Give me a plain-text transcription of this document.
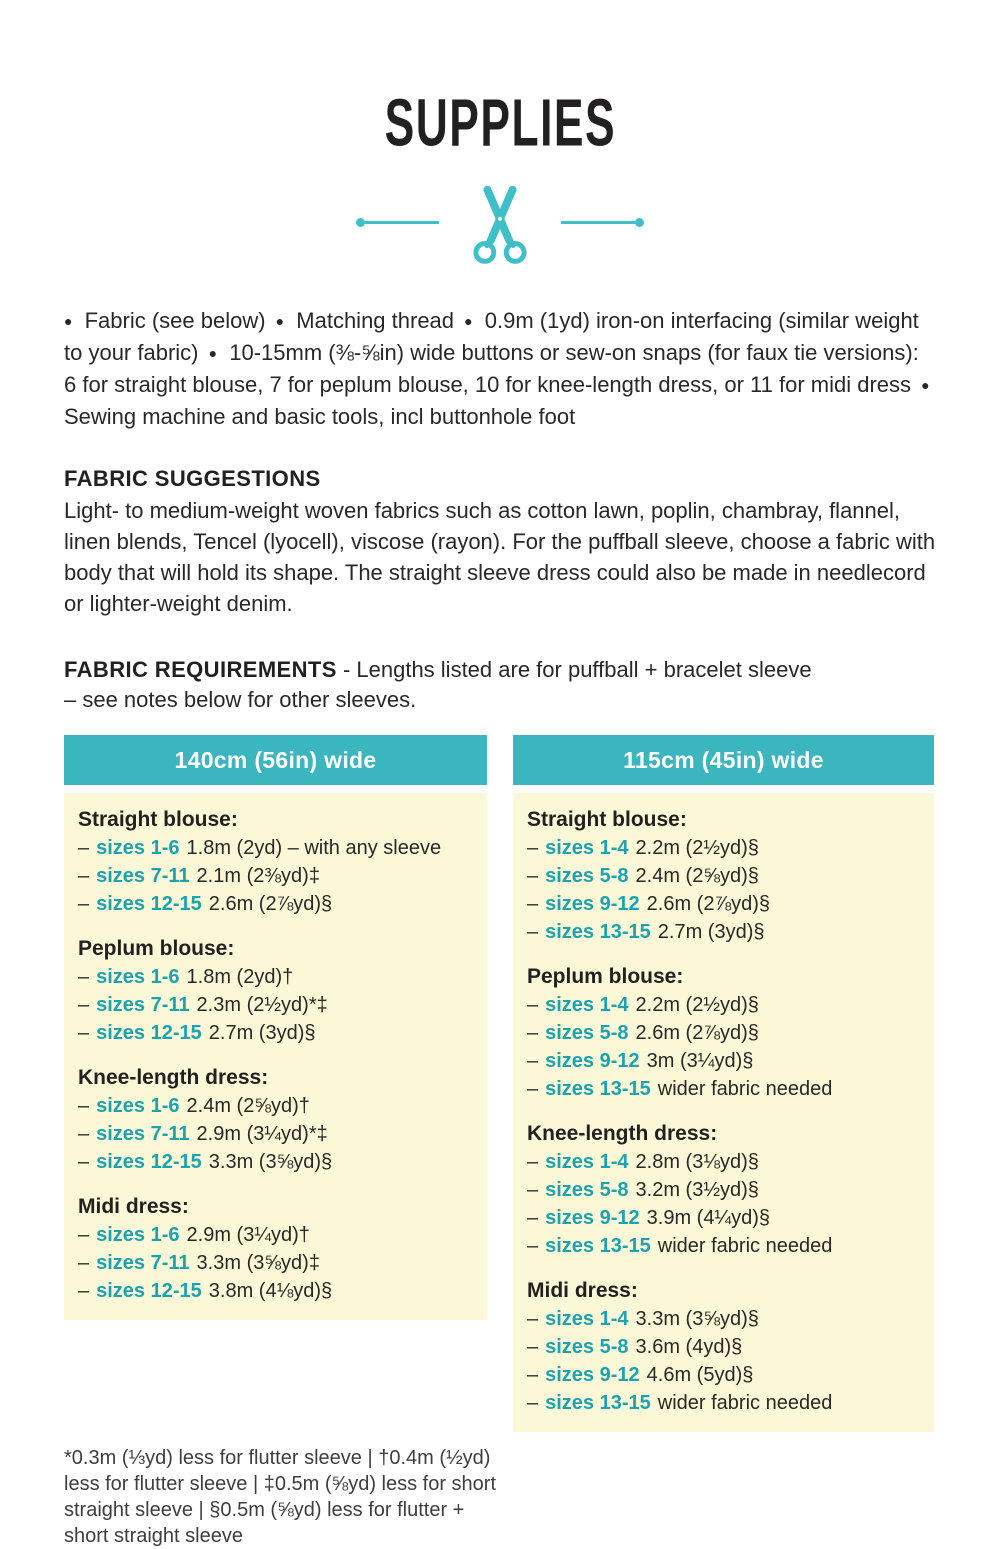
SUPPLIES

● Fabric (see below) ● Matching thread ● 0.9m (1yd) iron-on interfacing (similar weight to your fabric) ● 10-15mm (⅜-⅝in) wide buttons or sew-on snaps (for faux tie versions): 6 for straight blouse, 7 for peplum blouse, 10 for knee-length dress, or 11 for midi dress ● Sewing machine and basic tools, incl buttonhole foot

FABRIC SUGGESTIONS

Light- to medium-weight woven fabrics such as cotton lawn, poplin, chambray, flannel, linen blends, Tencel (lyocell), viscose (rayon). For the puffball sleeve, choose a fabric with body that will hold its shape. The straight sleeve dress could also be made in needlecord or lighter-weight denim.

FABRIC REQUIREMENTS - Lengths listed are for puffball + bracelet sleeve
– see notes below for other sleeves.
140cm (56in) wide
Straight blouse:
– sizes 1-6 1.8m (2yd) – with any sleeve
– sizes 7-11 2.1m (2⅜yd)‡
– sizes 12-15 2.6m (2⅞yd)§
Peplum blouse:
– sizes 1-6 1.8m (2yd)†
– sizes 7-11 2.3m (2½yd)*‡
– sizes 12-15 2.7m (3yd)§
Knee-length dress:
– sizes 1-6 2.4m (2⅝yd)†
– sizes 7-11 2.9m (3¼yd)*‡
– sizes 12-15 3.3m (3⅝yd)§
Midi dress:
– sizes 1-6 2.9m (3¼yd)†
– sizes 7-11 3.3m (3⅝yd)‡
– sizes 12-15 3.8m (4⅛yd)§
115cm (45in) wide
Straight blouse:
– sizes 1-4 2.2m (2½yd)§
– sizes 5-8 2.4m (2⅝yd)§
– sizes 9-12 2.6m (2⅞yd)§
– sizes 13-15 2.7m (3yd)§
Peplum blouse:
– sizes 1-4 2.2m (2½yd)§
– sizes 5-8 2.6m (2⅞yd)§
– sizes 9-12 3m (3¼yd)§
– sizes 13-15 wider fabric needed
Knee-length dress:
– sizes 1-4 2.8m (3⅛yd)§
– sizes 5-8 3.2m (3½yd)§
– sizes 9-12 3.9m (4¼yd)§
– sizes 13-15 wider fabric needed
Midi dress:
– sizes 1-4 3.3m (3⅝yd)§
– sizes 5-8 3.6m (4yd)§
– sizes 9-12 4.6m (5yd)§
– sizes 13-15 wider fabric needed
*0.3m (⅓yd) less for flutter sleeve | †0.4m (½yd) less for flutter sleeve | ‡0.5m (⅝yd) less for short straight sleeve | §0.5m (⅝yd) less for flutter + short straight sleeve
